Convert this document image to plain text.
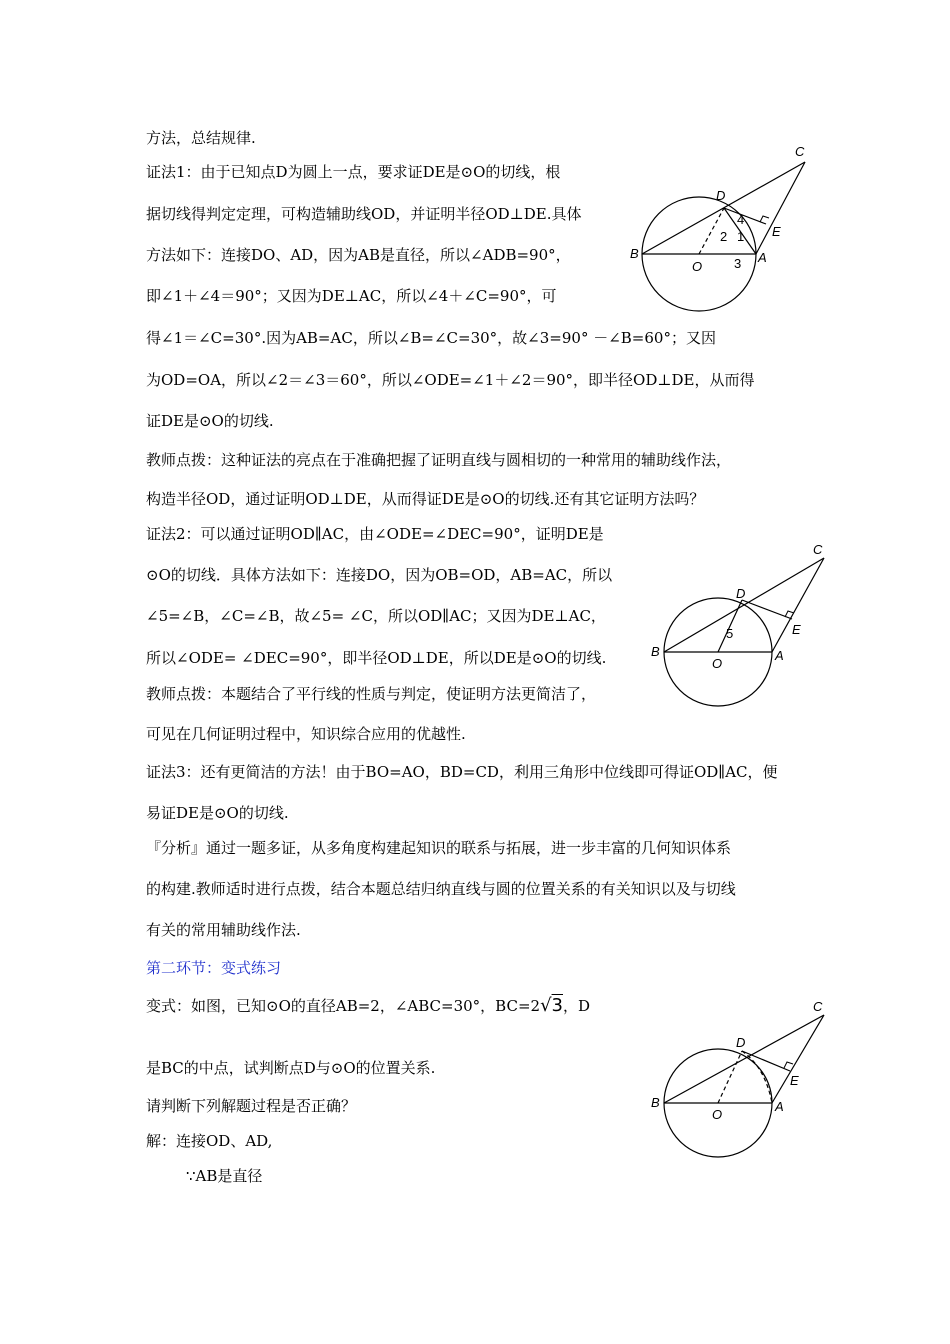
方法，总结规律.
证法1：由于已知点D为圆上一点，要求证DE是⊙O的切线，根
据切线得判定定理，可构造辅助线OD，并证明半径OD⊥DE.具体
方法如下：连接DO、AD，因为AB是直径，所以∠ADB=90°，
即∠1＋∠4＝90°；又因为DE⊥AC，所以∠4＋∠C=90°，可
得∠1＝∠C=30°.因为AB=AC，所以∠B=∠C=30°，故∠3=90° －∠B=60°；又因
为OD=OA，所以∠2＝∠3＝60°，所以∠ODE=∠1＋∠2＝90°，即半径OD⊥DE，从而得
证DE是⊙O的切线.
教师点拨：这种证法的亮点在于准确把握了证明直线与圆相切的一种常用的辅助线作法，
构造半径OD，通过证明OD⊥DE，从而得证DE是⊙O的切线.还有其它证明方法吗？
证法2：可以通过证明OD∥AC，由∠ODE=∠DEC=90°，证明DE是
⊙O的切线．具体方法如下：连接DO，因为OB=OD，AB=AC，所以
∠5=∠B，∠C=∠B，故∠5= ∠C，所以OD∥AC；又因为DE⊥AC，
所以∠ODE= ∠DEC=90°，即半径OD⊥DE，所以DE是⊙O的切线.
教师点拨：本题结合了平行线的性质与判定，使证明方法更简洁了，
可见在几何证明过程中，知识综合应用的优越性.
证法3：还有更简洁的方法！由于BO=AO，BD=CD，利用三角形中位线即可得证OD∥AC，便
易证DE是⊙O的切线.
『分析』通过一题多证，从多角度构建起知识的联系与拓展，进一步丰富的几何知识体系
的构建.教师适时进行点拨，结合本题总结归纳直线与圆的位置关系的有关知识以及与切线
有关的常用辅助线作法.
第二环节：变式练习
变式：如图，已知⊙O的直径AB=2，∠ABC=30°，BC=2√3，D
是BC的中点，试判断点D与⊙O的位置关系.
请判断下列解题过程是否正确？
解：连接OD、AD,
∵AB是直径
C
D
E
B
O
A
2
4
1
3
C
D
E
B
O
A
5
C
D
E
B
O
A
